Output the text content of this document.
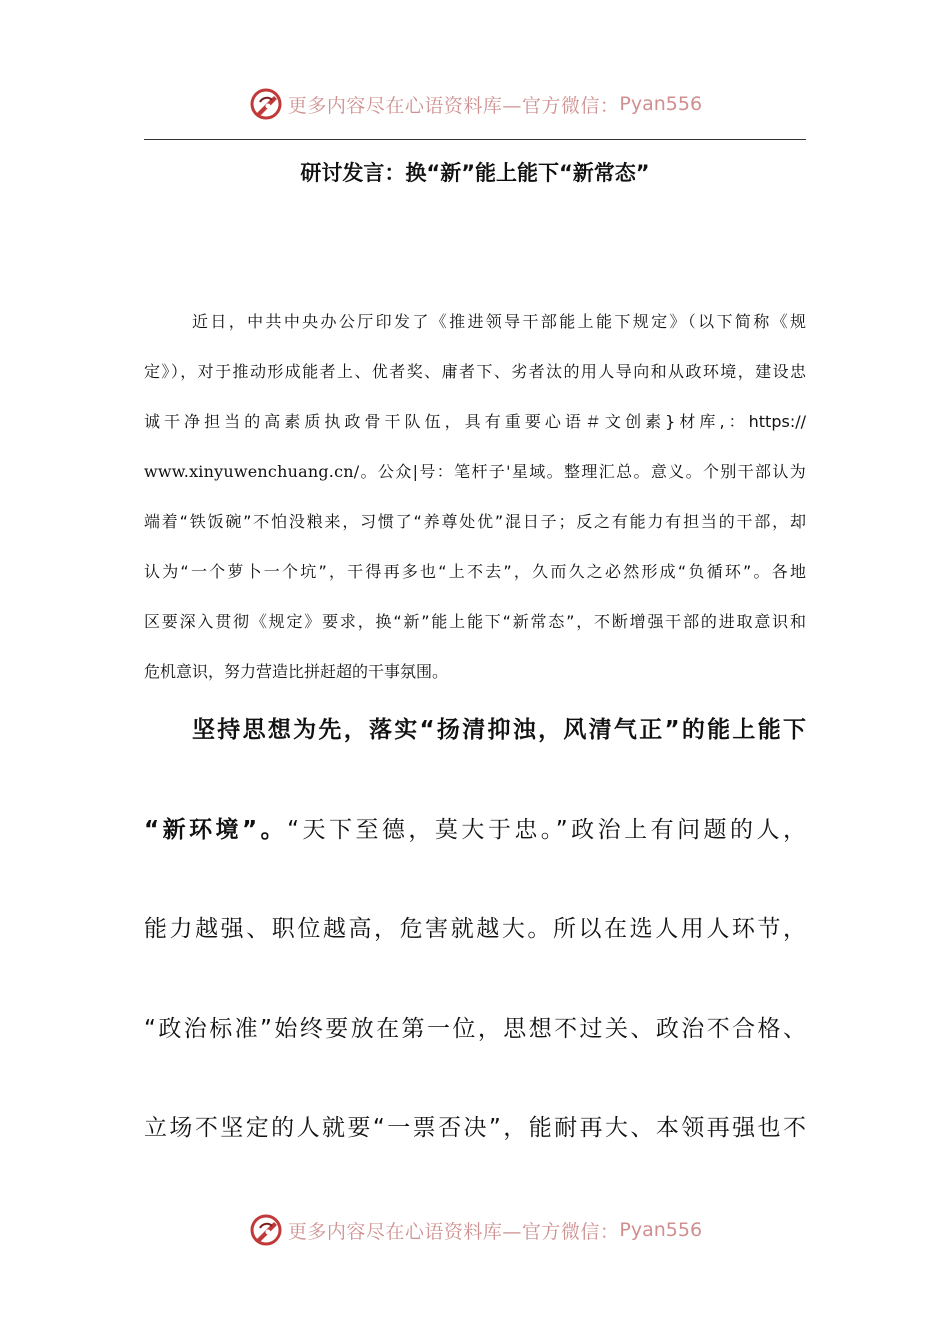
更多内容尽在心语资料库—官方微信： Pyan556
研讨发言：换“新”能上能下“新常态”
近日，中共中央办公厅印发了《推进领导干部能上能下规定》（以下简称《规
定》），对于推动形成能者上、优者奖、庸者下、劣者汰的用人导向和从政环境，建设忠
诚干净担当的高素质执政骨干队伍，具有重要心语＃文创素}材库,：https://
www.xinyuwenchuang.cn/。公众|号：笔杆子'星域。整理汇总。意义。个别干部认为
端着“铁饭碗”不怕没粮来，习惯了“养尊处优”混日子；反之有能力有担当的干部，却
认为“一个萝卜一个坑”，干得再多也“上不去”，久而久之必然形成“负循环”。各地
区要深入贯彻《规定》要求，换“新”能上能下“新常态”，不断增强干部的进取意识和
危机意识，努力营造比拼赶超的干事氛围。
坚持思想为先，落实“扬清抑浊，风清气正”的能上能下
“新环境”。“天下至德，莫大于忠。”政治上有问题的人，
能力越强、职位越高，危害就越大。所以在选人用人环节，
“政治标准”始终要放在第一位，思想不过关、政治不合格、
立场不坚定的人就要“一票否决”，能耐再大、本领再强也不
更多内容尽在心语资料库—官方微信： Pyan556
